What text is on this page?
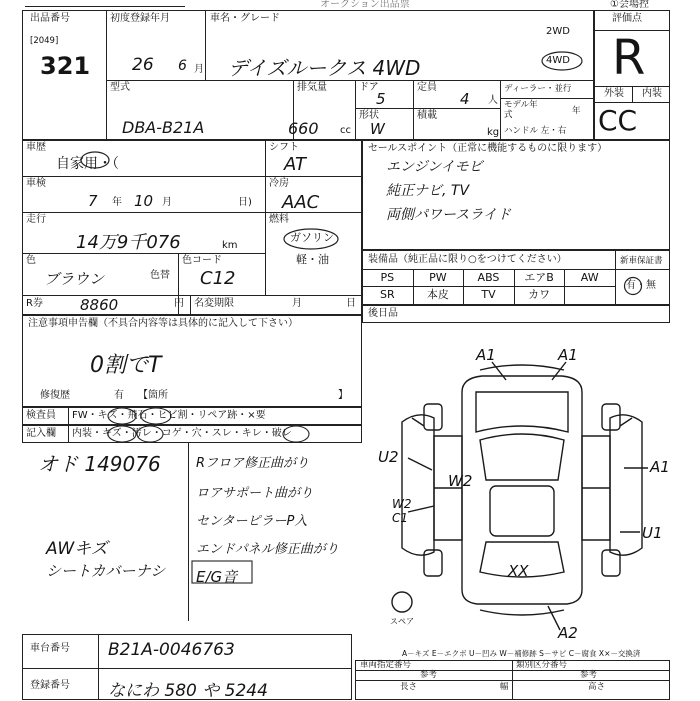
オークション出品票	①会場控
出品番号
[2049]
321
初度登録年月
26 6 月
車名・グレード
デイズルークス 4WD
2WD
4WD
型式
DBA-B21A
排気量
660 cc
ドア
5
定員
4 人
形状
W
積載
kg
ディーラー・並行
モデル年式	年
ハンドル 左・右
評価点
R
外装 内装
CC
車歴
自家用・（
シフト
AT
車検
7 年 10 月	日)
冷房
AAC
走行
14万9千076	km
燃料
ガソリン
軽・油
色
ブラウン	色替
色コード
C12
R券 8860	円 名変期限	月	日
セールスポイント（正常に機能するものに限ります）
エンジンイモビ
純正ナビ, TV
両側パワースライド
装備品（純正品に限り○をつけてください）	新車保証書
有・無
PS	PW	ABS	エアB	AW
SR	本皮	TV	カワ
後日品
注意事項申告欄（不具合内容等は具体的に記入して下さい）
0割でT
修復歴	有 【箇所	】
検査員 FW・キズ・飛石・ヒビ割・リペア跡・×要
記入欄 内装・キズ・汚レ・コゲ・穴・スレ・キレ・破レ
オド 149076
AWキズ
シートカバーナシ
Rフロア修正曲がり
ロアサポート曲がり
センターピラーP入
エンドパネル修正曲がり
E/G音
A1	A1
U2
A1
W2
W2
C1
U1
XX
A2
スペア
A－キズ E－エクボ U－凹み W－補修跡 S－サビ C－腐食 X×－交換済
車台番号 B21A-0046763
登録番号 なにわ 580 や 5244
車両指定番号	類別区分番号
参考	参考
長さ	幅	高さ
